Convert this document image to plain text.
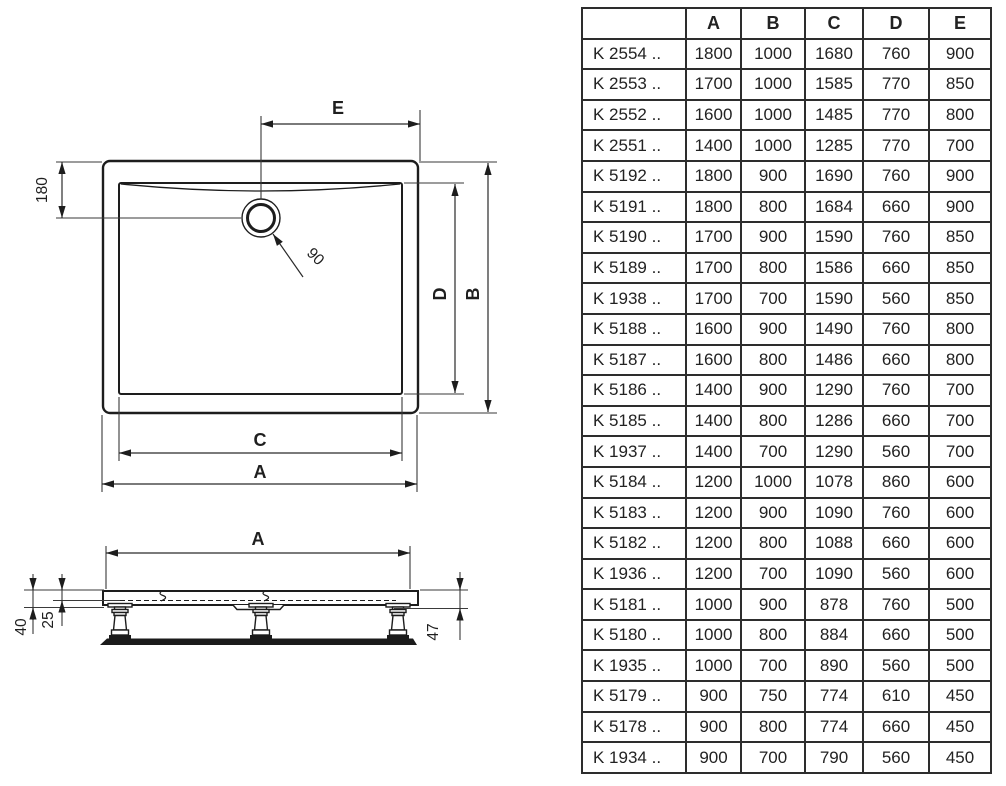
E
180
90
D B
C
A
A
40 25
47
	A	B	C	D	E
K 2554 ..	1800	1000	1680	760	900
K 2553 ..	1700	1000	1585	770	850
K 2552 ..	1600	1000	1485	770	800
K 2551 ..	1400	1000	1285	770	700
K 5192 ..	1800	900	1690	760	900
K 5191 ..	1800	800	1684	660	900
K 5190 ..	1700	900	1590	760	850
K 5189 ..	1700	800	1586	660	850
K 1938 ..	1700	700	1590	560	850
K 5188 ..	1600	900	1490	760	800
K 5187 ..	1600	800	1486	660	800
K 5186 ..	1400	900	1290	760	700
K 5185 ..	1400	800	1286	660	700
K 1937 ..	1400	700	1290	560	700
K 5184 ..	1200	1000	1078	860	600
K 5183 ..	1200	900	1090	760	600
K 5182 ..	1200	800	1088	660	600
K 1936 ..	1200	700	1090	560	600
K 5181 ..	1000	900	878	760	500
K 5180 ..	1000	800	884	660	500
K 1935 ..	1000	700	890	560	500
K 5179 ..	900	750	774	610	450
K 5178 ..	900	800	774	660	450
K 1934 ..	900	700	790	560	450
